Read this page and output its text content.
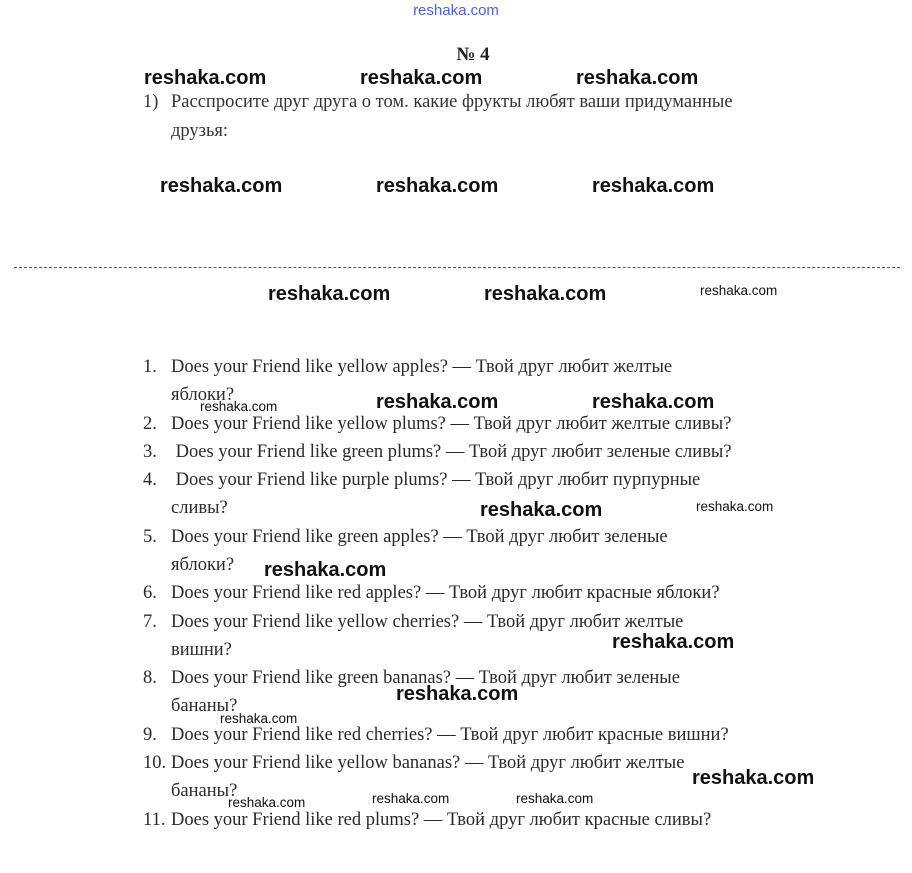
reshaka.com
№ 4
1) Расспросите друг друга о том. какие фрукты любят ваши придуманные
друзья:
1. Does your Friend like yellow apples? — Твой друг любит желтые
яблоки?
2. Does your Friend like yellow plums? — Твой друг любит желтые сливы?
3. Does your Friend like green plums? — Твой друг любит зеленые сливы?
4. Does your Friend like purple plums? — Твой друг любит пурпурные
сливы?
5. Does your Friend like green apples? — Твой друг любит зеленые
яблоки?
6. Does your Friend like red apples? — Твой друг любит красные яблоки?
7. Does your Friend like yellow cherries? — Твой друг любит желтые
вишни?
8. Does your Friend like green bananas? — Твой друг любит зеленые
бананы?
9. Does your Friend like red cherries? — Твой друг любит красные вишни?
10. Does your Friend like yellow bananas? — Твой друг любит желтые
бананы?
11. Does your Friend like red plums? — Твой друг любит красные сливы?
reshaka.com	reshaka.com	reshaka.com
reshaka.com	reshaka.com	reshaka.com
reshaka.com	reshaka.com	reshaka.com
reshaka.com	reshaka.com	reshaka.com
reshaka.com	reshaka.com
reshaka.com
reshaka.com
reshaka.com
reshaka.com
reshaka.com
reshaka.com	reshaka.com	reshaka.com
